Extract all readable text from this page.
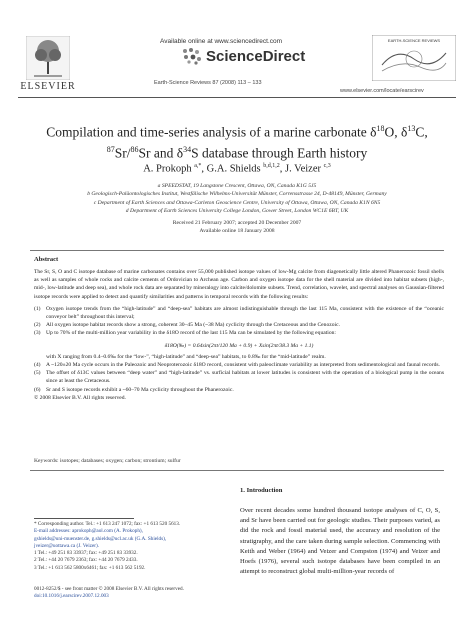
ELSEVIER
Available online at www.sciencedirect.com
ScienceDirect
Earth-Science Reviews 87 (2008) 113 – 133
EARTH-SCIENCE REVIEWS
www.elsevier.com/locate/earscirev
Compilation and time-series analysis of a marine carbonate $\delta^{18}O$, $\delta^{13}C$,
$^{87}$Sr/$^{86}$Sr and $\delta^{34}S$ database through Earth history
A. Prokoph $^{a,*}$, G.A. Shields $^{b,d,1,2}$, J. Veizer $^{c,3}$
a SPEEDSTAT, 19 Langstone Crescent, Ottawa, ON, Canada K1G 5J5
b Geologisch-Paläontologisches Institut, Westfälische Wilhelms-Universität Münster, Corrensstrasse 24, D-48149, Münster, Germany
c Department of Earth Sciences and Ottawa-Carleton Geoscience Centre, University of Ottawa, Ottawa, ON, Canada K1N 6N5
d Department of Earth Sciences University College London, Gower Street, London WC1E 6BT, UK
Received 21 February 2007; accepted 20 December 2007
Available online 18 January 2008
Abstract

The Sr, S, O and C isotope database of marine carbonates contains over 55,000 published isotope values of low-Mg calcite from diagenetically little altered Phanerozoic fossil shells as well as samples of whole rocks and calcite cements of Ordovician to Archean age. Carbon and oxygen isotope data for the shell material are divided into habitat subsets (high-, mid-, low-latitude and deep sea), and whole rock data are separated by mineralogy into calcite/dolomite subsets. Trend, correlation, wavelet, and spectral analyses on Gaussian-filtered isotope records were applied to detect and quantify similarities and patterns in temporal records with the following results:

(1) Oxygen isotope trends from the “high-latitude” and “deep-sea” habitats are almost indistinguishable through the last 115 Ma, consistent with the existence of the “oceanic conveyor belt” throughout this interval;
(2) All oxygen isotope habitat records show a strong, coherent 30–45 Ma (~38 Ma) cyclicity through the Cretaceous and the Cenozoic.
(3) Up to 70% of the multi-million year variability in the δ18O record of the last 115 Ma can be simulated by the following equation:
δ18O(‰) = 0.64sin(2πt/120 Ma + 0.9) + Xsin(2πt/38.3 Ma + 1.1)
with X ranging from 0.4–0.6‰ for the “low-”, “high-latitude” and “deep-sea” habitats, to 0.8‰ for the “mid-latitude” realm.
(4) A ~120±20 Ma cycle occurs in the Paleozoic and Neoproterozoic δ18O record, consistent with paleoclimate variability as interpreted from sedimentological and faunal records.
(5) The offset of δ13C values between “deep water” and “high-latitude” vs. surficial habitats at lower latitudes is consistent with the operation of a biological pump in the oceans since at least the Cretaceous.
(6) Sr and S isotope records exhibit a ~60–70 Ma cyclicity throughout the Phanerozoic.
© 2008 Elsevier B.V. All rights reserved.
Keywords: isotopes; databases; oxygen; carbon; strontium; sulfur
* Corresponding author. Tel.: +1 613 247 1072; fax: +1 613 520 5613.
E-mail addresses: aprokoph@aol.com (A. Prokoph),
gshields@uni-muenster.de, g.shields@ucl.ac.uk (G.A. Shields),
jveizer@uottawa.ca (J. Veizer).
1 Tel.: +49 251 83 33937; fax: +49 251 83 33932.
2 Tel.: +44 20 7679 2363; fax: +44 20 7679 2433.
3 Tel.: +1 613 562 5800x6461; fax: +1 613 562 5192.
0012-8252/$ - see front matter © 2008 Elsevier B.V. All rights reserved.
doi:10.1016/j.earscirev.2007.12.003
1. Introduction
Over recent decades some hundred thousand isotope analyses of C, O, S, and Sr have been carried out for geologic studies. Their purposes varied, as did the rock and fossil material used, the accuracy and resolution of the stratigraphy, and the care taken during sample selection. Commencing with Keith and Weber (1964) and Veizer and Compston (1974) and Veizer and Hoefs (1976), several such isotope databases have been compiled in an attempt to reconstruct global multi-million-year records of
